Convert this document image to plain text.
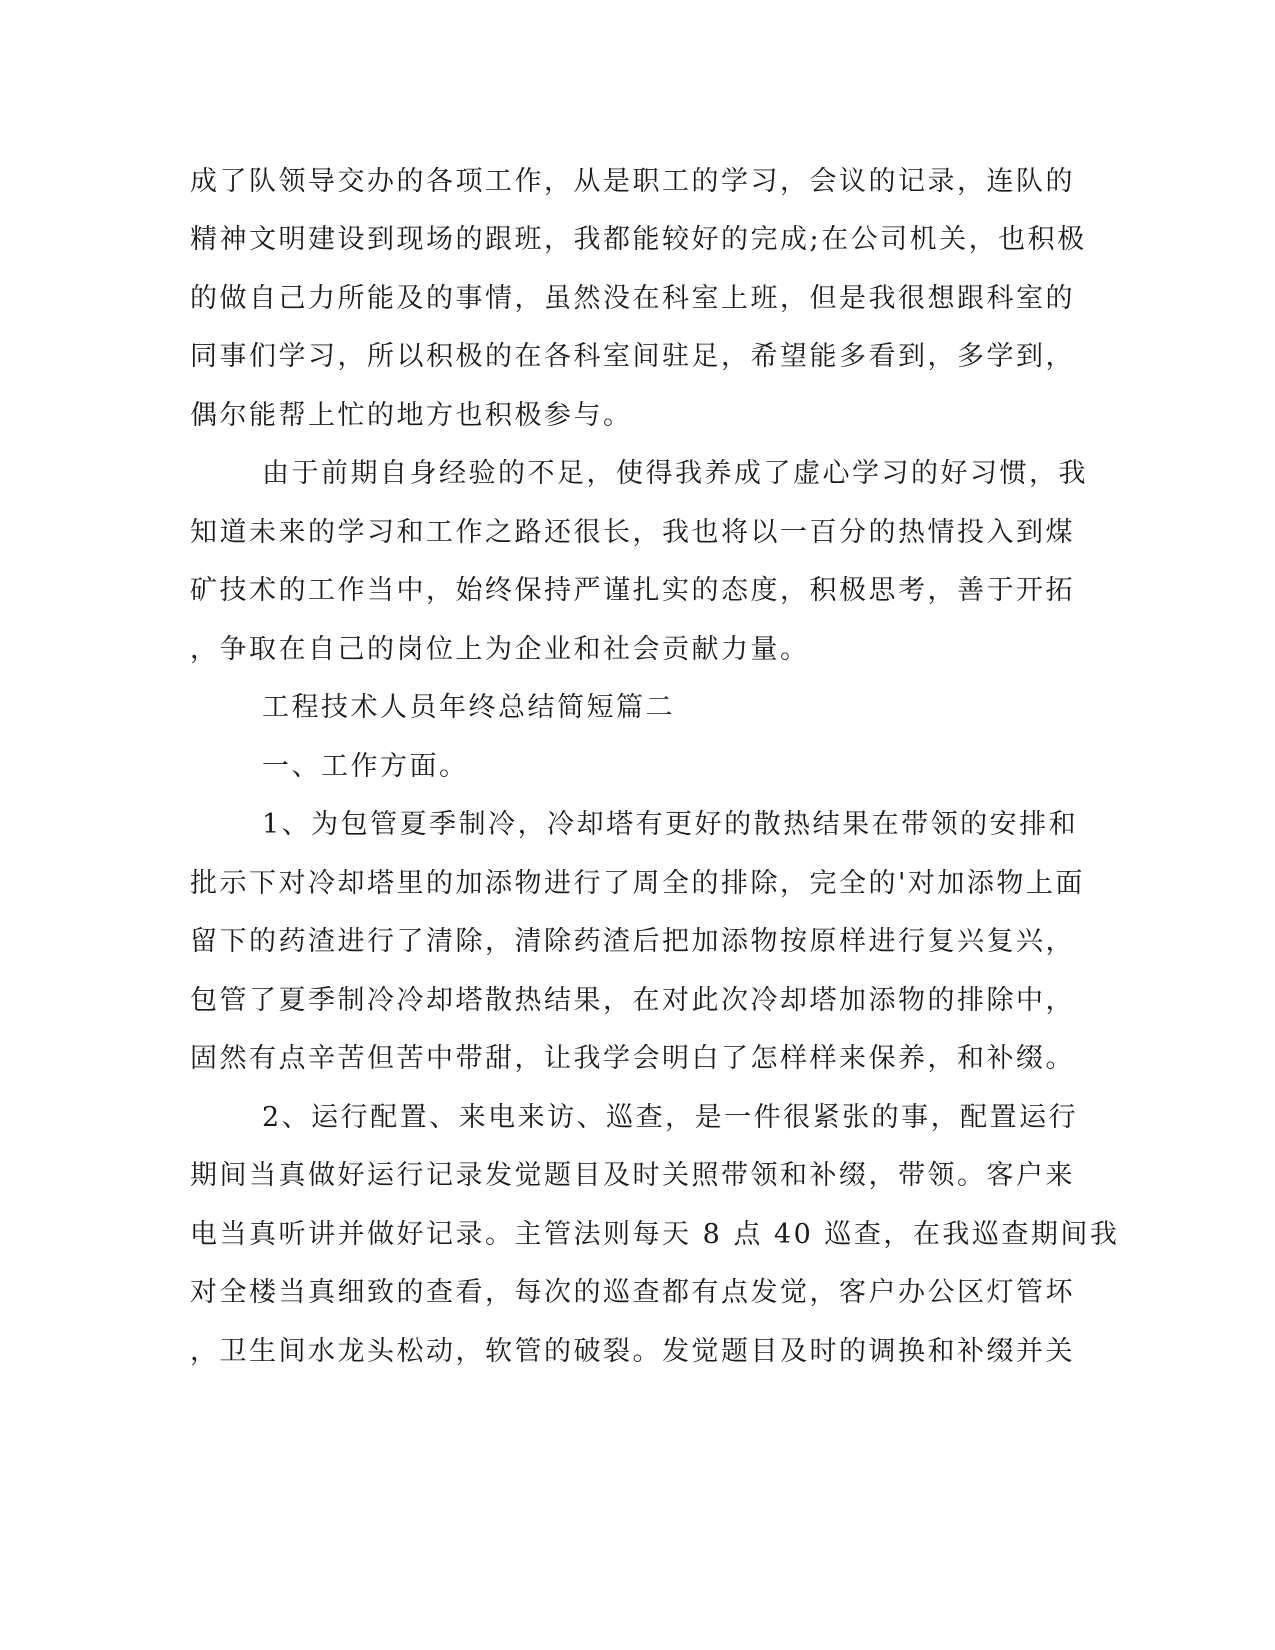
成了队领导交办的各项工作，从是职工的学习，会议的记录，连队的
精神文明建设到现场的跟班，我都能较好的完成;在公司机关，也积极
的做自己力所能及的事情，虽然没在科室上班，但是我很想跟科室的
同事们学习，所以积极的在各科室间驻足，希望能多看到，多学到，
偶尔能帮上忙的地方也积极参与。
由于前期自身经验的不足，使得我养成了虚心学习的好习惯，我
知道未来的学习和工作之路还很长，我也将以一百分的热情投入到煤
矿技术的工作当中，始终保持严谨扎实的态度，积极思考，善于开拓
，争取在自己的岗位上为企业和社会贡献力量。
工程技术人员年终总结简短篇二
一、工作方面。
1、为包管夏季制冷，冷却塔有更好的散热结果在带领的安排和
批示下对冷却塔里的加添物进行了周全的排除，完全的'对加添物上面
留下的药渣进行了清除，清除药渣后把加添物按原样进行复兴复兴，
包管了夏季制冷冷却塔散热结果，在对此次冷却塔加添物的排除中，
固然有点辛苦但苦中带甜，让我学会明白了怎样样来保养，和补缀。
2、运行配置、来电来访、巡查，是一件很紧张的事，配置运行
期间当真做好运行记录发觉题目及时关照带领和补缀，带领。客户来
电当真听讲并做好记录。主管法则每天 8 点 40 巡查，在我巡查期间我
对全楼当真细致的查看，每次的巡查都有点发觉，客户办公区灯管坏
，卫生间水龙头松动，软管的破裂。发觉题目及时的调换和补缀并关
